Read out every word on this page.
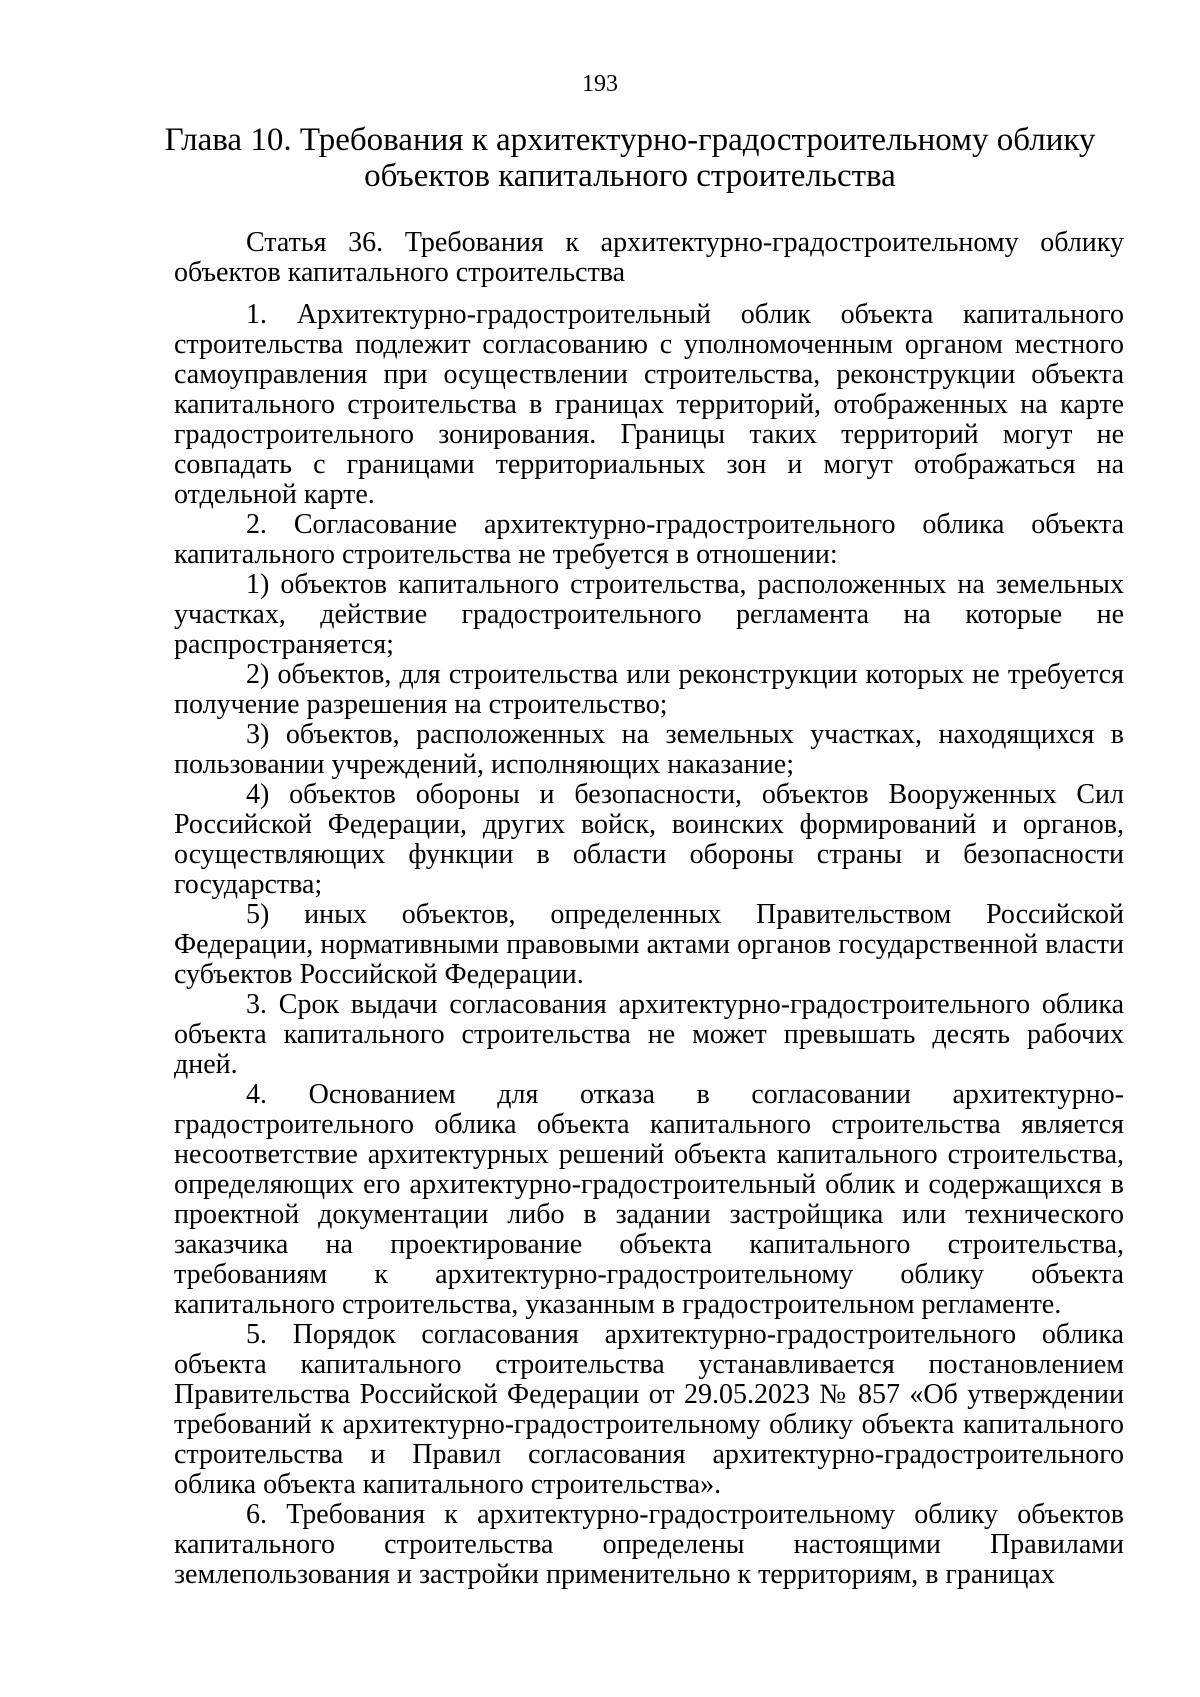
193
Глава 10. Требования к архитектурно-градостроительному облику объектов капитального строительства

Статья 36. Требования к архитектурно-градостроительному облику объектов капитального строительства

1. Архитектурно-градостроительный облик объекта капитального строительства подлежит согласованию с уполномоченным органом местного самоуправления при осуществлении строительства, реконструкции объекта капитального строительства в границах территорий, отображенных на карте градостроительного зонирования. Границы таких территорий могут не совпадать с границами территориальных зон и могут отображаться на отдельной карте.

2. Согласование архитектурно-градостроительного облика объекта капитального строительства не требуется в отношении:

1) объектов капитального строительства, расположенных на земельных участках, действие градостроительного регламента на которые не распространяется;

2) объектов, для строительства или реконструкции которых не требуется получение разрешения на строительство;

3) объектов, расположенных на земельных участках, находящихся в пользовании учреждений, исполняющих наказание;

4) объектов обороны и безопасности, объектов Вооруженных Сил Российской Федерации, других войск, воинских формирований и органов, осуществляющих функции в области обороны страны и безопасности государства;

5) иных объектов, определенных Правительством Российской Федерации, нормативными правовыми актами органов государственной власти субъектов Российской Федерации.

3. Срок выдачи согласования архитектурно-градостроительного облика объекта капитального строительства не может превышать десять рабочих дней.

4. Основанием для отказа в согласовании архитектурно-градостроительного облика объекта капитального строительства является несоответствие архитектурных решений объекта капитального строительства, определяющих его архитектурно-градостроительный облик и содержащихся в проектной документации либо в задании застройщика или технического заказчика на проектирование объекта капитального строительства, требованиям к архитектурно-градостроительному облику объекта капитального строительства, указанным в градостроительном регламенте.

5. Порядок согласования архитектурно-градостроительного облика объекта капитального строительства устанавливается постановлением Правительства Российской Федерации от 29.05.2023 № 857 «Об утверждении требований к архитектурно-градостроительному облику объекта капитального строительства и Правил согласования архитектурно-градостроительного облика объекта капитального строительства».

6. Требования к архитектурно-градостроительному облику объектов капитального строительства определены настоящими Правилами землепользования и застройки применительно к территориям, в границах
